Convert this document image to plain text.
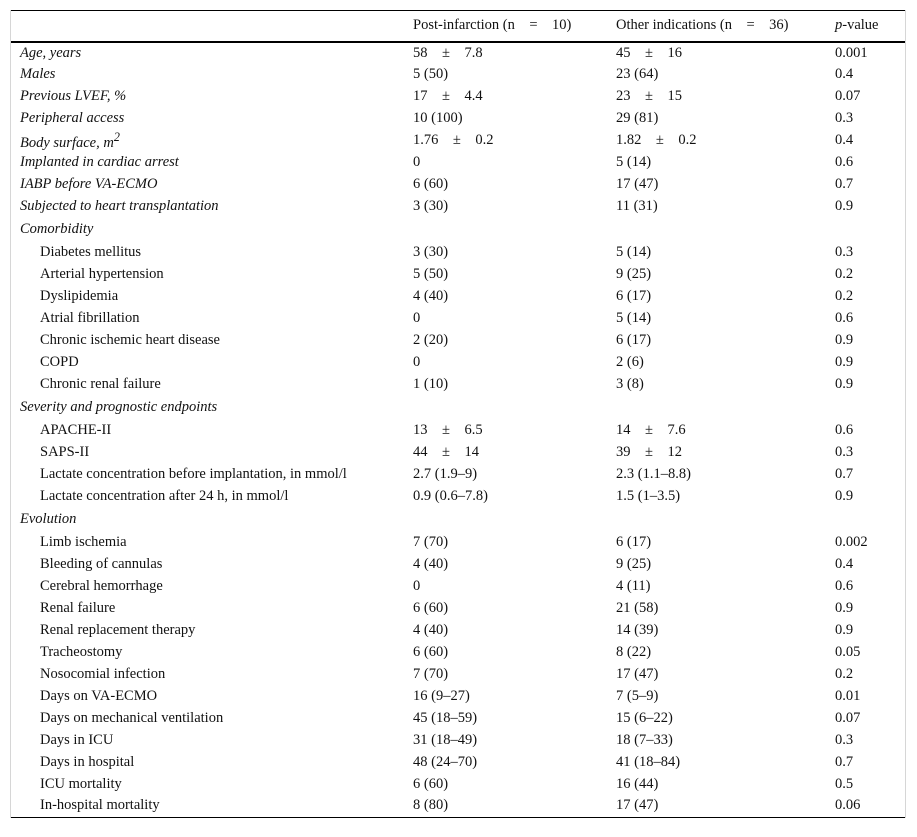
	Post-infarction (n = 10)	Other indications (n = 36)	p-value
Age, years	58 ± 7.8	45 ± 16	0.001
Males	5 (50)	23 (64)	0.4
Previous LVEF, %	17 ± 4.4	23 ± 15	0.07
Peripheral access	10 (100)	29 (81)	0.3
Body surface, $m^2$	1.76 ± 0.2	1.82 ± 0.2	0.4
Implanted in cardiac arrest	0	5 (14)	0.6
IABP before VA-ECMO	6 (60)	17 (47)	0.7
Subjected to heart transplantation	3 (30)	11 (31)	0.9
Comorbidity			
Diabetes mellitus	3 (30)	5 (14)	0.3
Arterial hypertension	5 (50)	9 (25)	0.2
Dyslipidemia	4 (40)	6 (17)	0.2
Atrial fibrillation	0	5 (14)	0.6
Chronic ischemic heart disease	2 (20)	6 (17)	0.9
COPD	0	2 (6)	0.9
Chronic renal failure	1 (10)	3 (8)	0.9
Severity and prognostic endpoints			
APACHE-II	13 ± 6.5	14 ± 7.6	0.6
SAPS-II	44 ± 14	39 ± 12	0.3
Lactate concentration before implantation, in mmol/l	2.7 (1.9–9)	2.3 (1.1–8.8)	0.7
Lactate concentration after 24 h, in mmol/l	0.9 (0.6–7.8)	1.5 (1–3.5)	0.9
Evolution			
Limb ischemia	7 (70)	6 (17)	0.002
Bleeding of cannulas	4 (40)	9 (25)	0.4
Cerebral hemorrhage	0	4 (11)	0.6
Renal failure	6 (60)	21 (58)	0.9
Renal replacement therapy	4 (40)	14 (39)	0.9
Tracheostomy	6 (60)	8 (22)	0.05
Nosocomial infection	7 (70)	17 (47)	0.2
Days on VA-ECMO	16 (9–27)	7 (5–9)	0.01
Days on mechanical ventilation	45 (18–59)	15 (6–22)	0.07
Days in ICU	31 (18–49)	18 (7–33)	0.3
Days in hospital	48 (24–70)	41 (18–84)	0.7
ICU mortality	6 (60)	16 (44)	0.5
In-hospital mortality	8 (80)	17 (47)	0.06
